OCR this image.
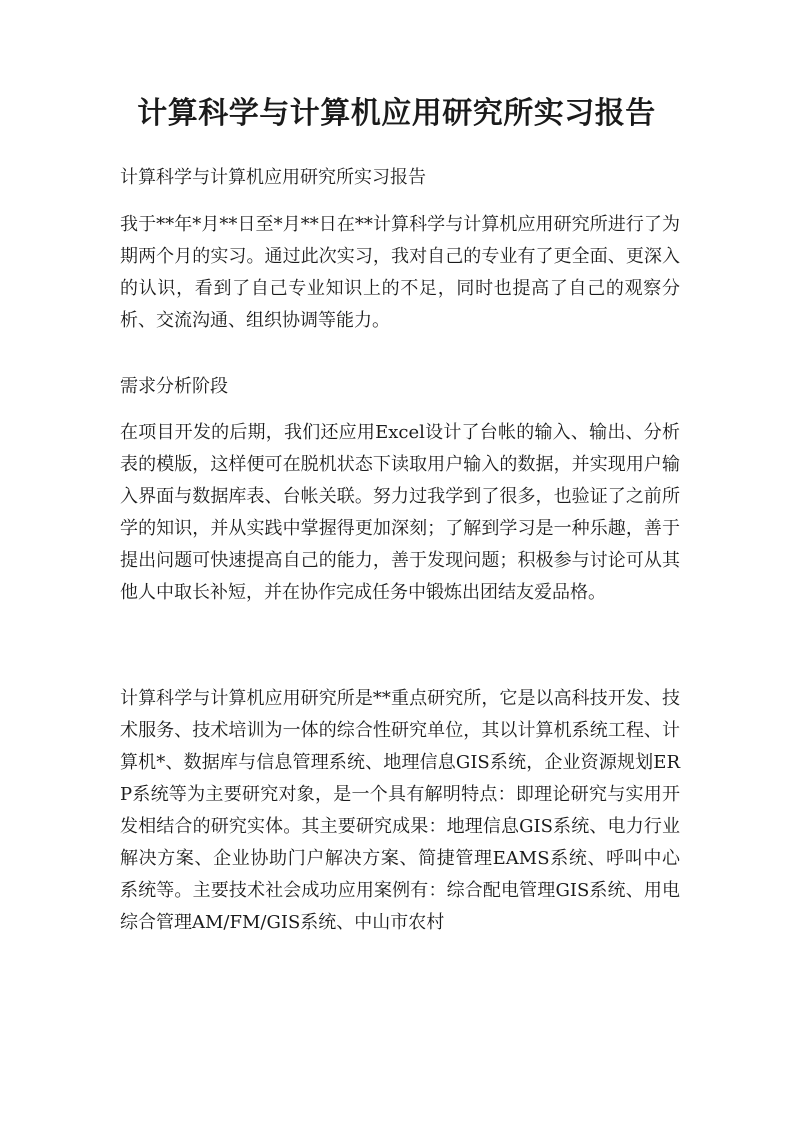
计算科学与计算机应用研究所实习报告

计算科学与计算机应用研究所实习报告

我于**年*月**日至*月**日在**计算科学与计算机应用研究所进行了为期两个月的实习。通过此次实习，我对自己的专业有了更全面、更深入的认识，看到了自己专业知识上的不足，同时也提高了自己的观察分析、交流沟通、组织协调等能力。

需求分析阶段

在项目开发的后期，我们还应用Excel设计了台帐的输入、输出、分析表的模版，这样便可在脱机状态下读取用户输入的数据，并实现用户输入界面与数据库表、台帐关联。努力过我学到了很多，也验证了之前所学的知识，并从实践中掌握得更加深刻；了解到学习是一种乐趣，善于提出问题可快速提高自己的能力，善于发现问题；积极参与讨论可从其他人中取长补短，并在协作完成任务中锻炼出团结友爱品格。

计算科学与计算机应用研究所是**重点研究所，它是以高科技开发、技术服务、技术培训为一体的综合性研究单位，其以计算机系统工程、计算机*、数据库与信息管理系统、地理信息GIS系统，企业资源规划ERP系统等为主要研究对象，是一个具有解明特点：即理论研究与实用开发相结合的研究实体。其主要研究成果：地理信息GIS系统、电力行业解决方案、企业协助门户解决方案、简捷管理EAMS系统、呼叫中心系统等。主要技术社会成功应用案例有：综合配电管理GIS系统、用电综合管理AM/FM/GIS系统、中山市农村
